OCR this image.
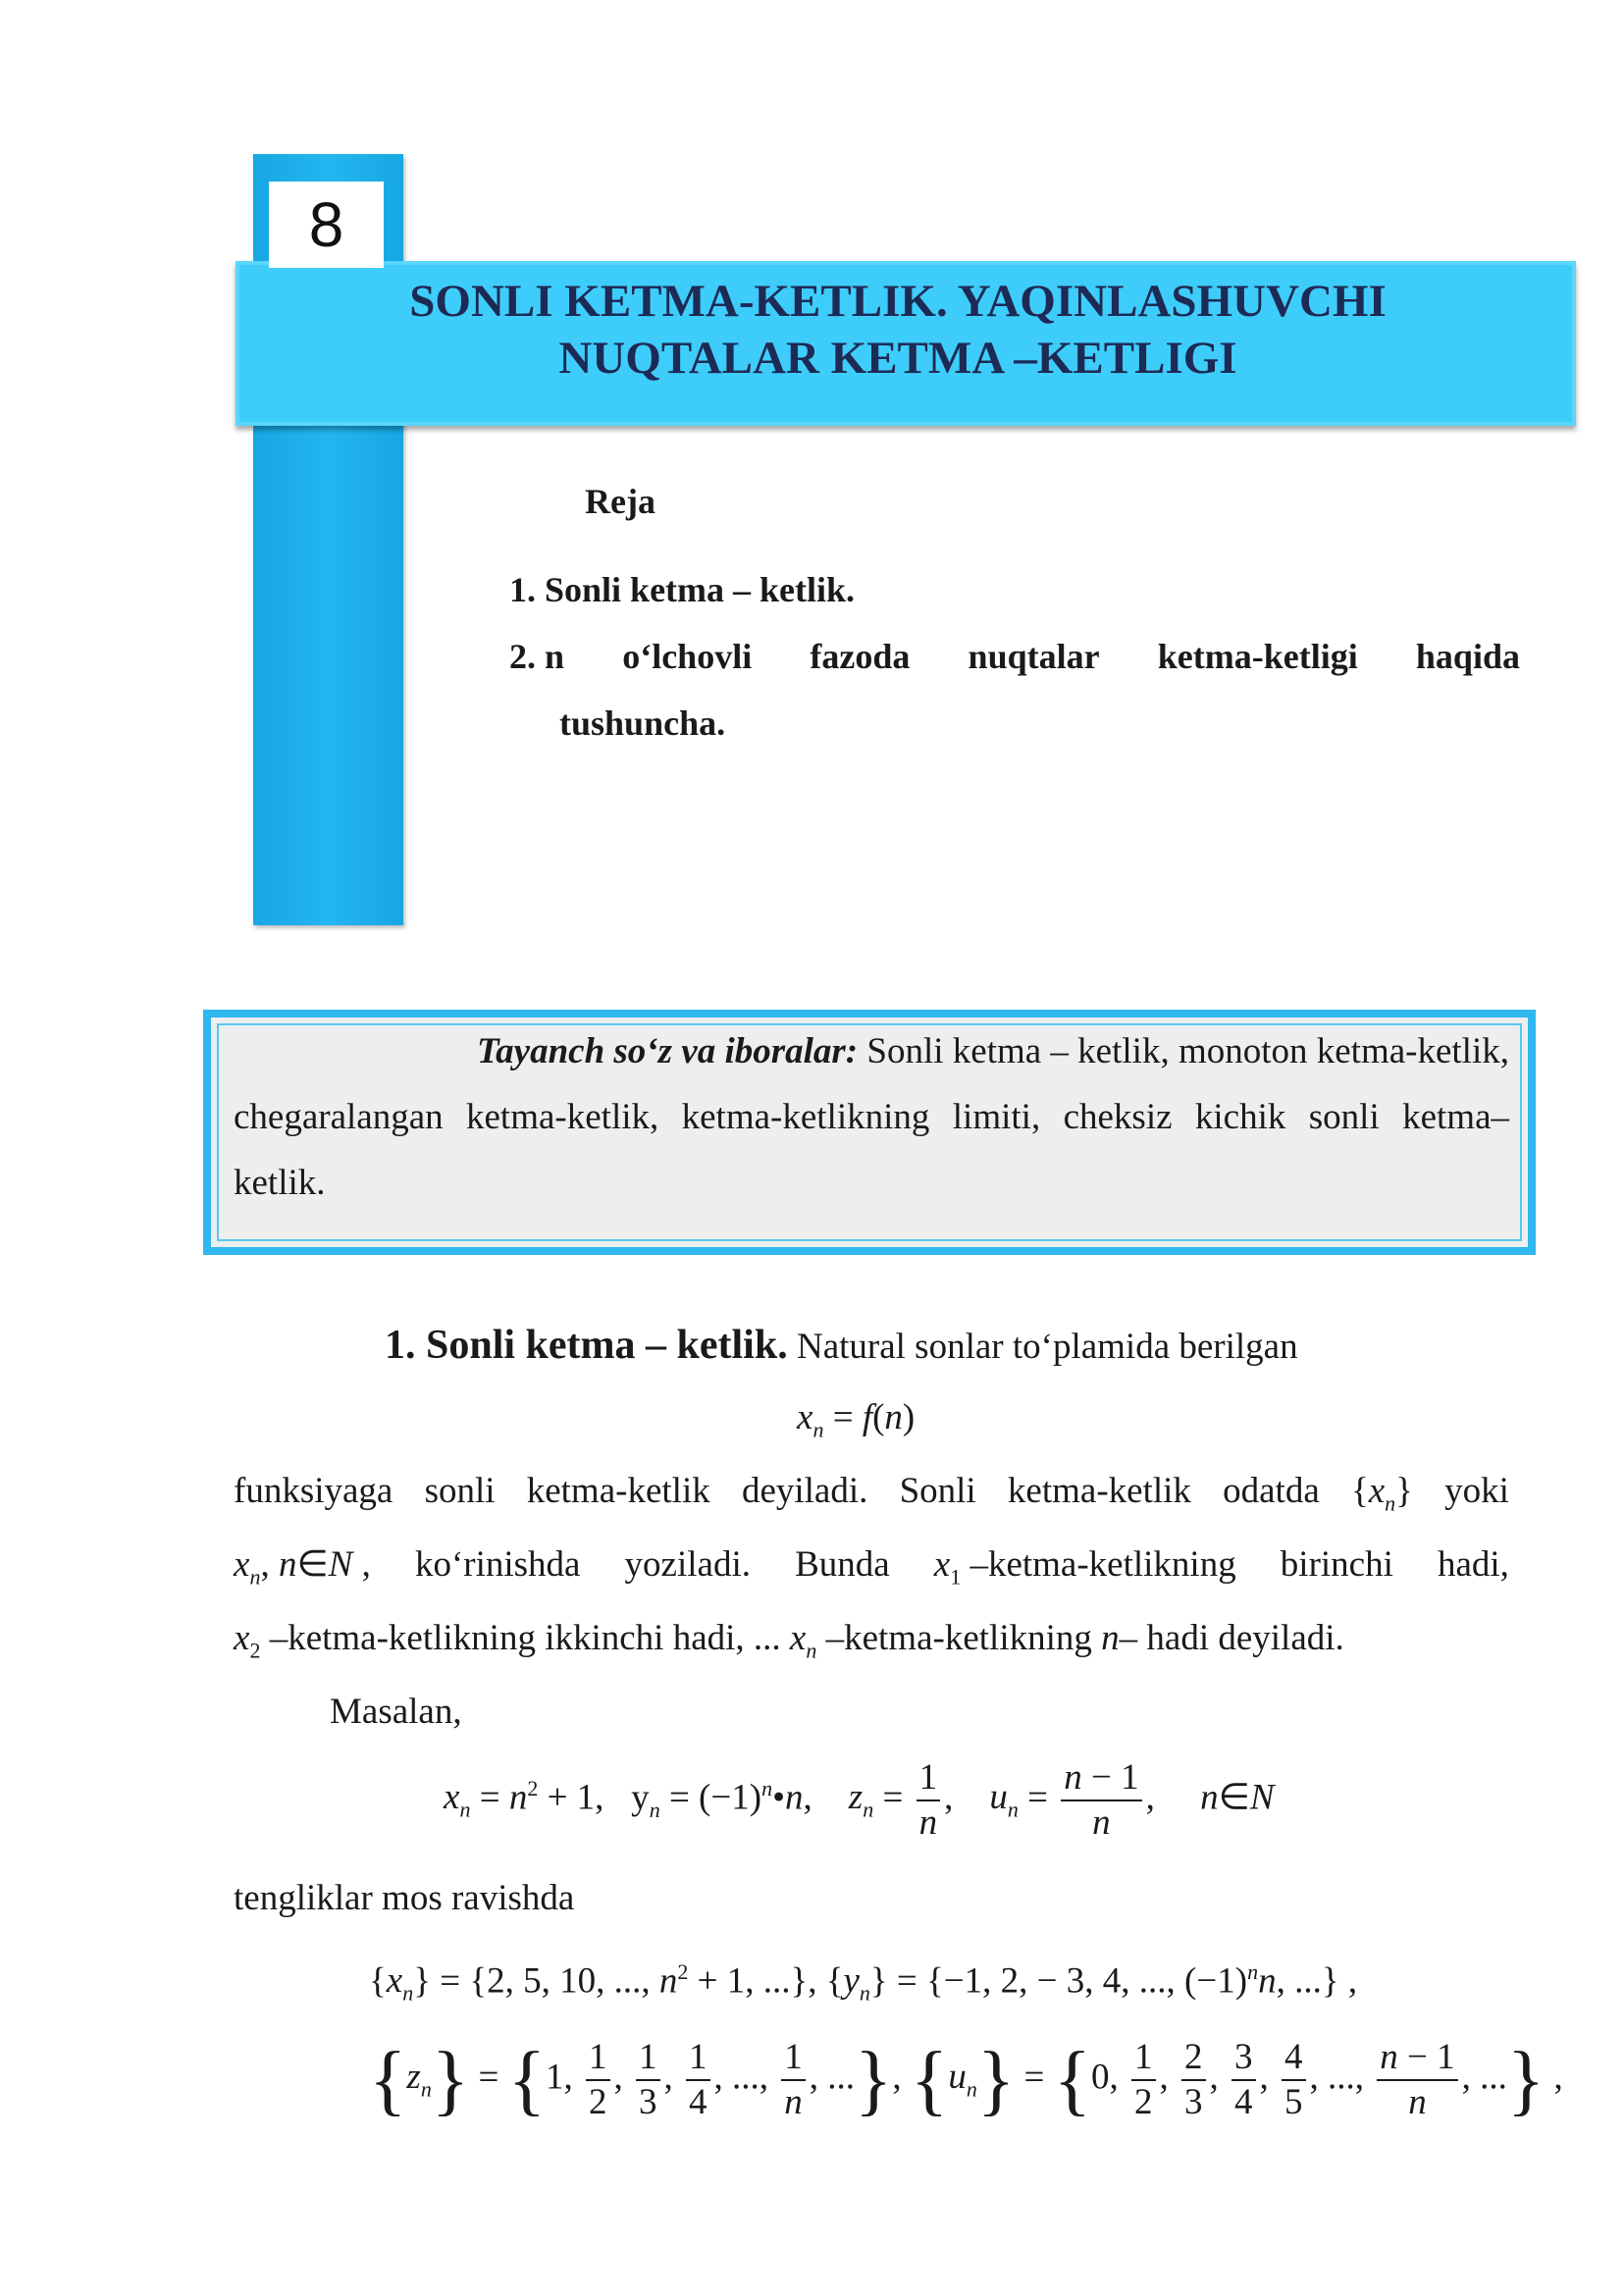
8
SONLI KETMA-KETLIK. YAQINLASHUVCHI
NUQTALAR KETMA –KETLIGI
Reja
1. Sonli ketma – ketlik.
2. n o‘lchovli fazoda nuqtalar ketma-ketligi haqida
tushuncha.
Tayanch so‘z va iboralar: Sonli ketma – ketlik, monoton ketma-ketlik,
chegaralangan ketma-ketlik, ketma-ketlikning limiti, cheksiz kichik sonli ketma–
ketlik.
1. Sonli ketma – ketlik. Natural sonlar to‘plamida berilgan
$x_n = f(n)$
funksiyaga sonli ketma-ketlik deyiladi. Sonli ketma-ketlik odatda $\{x_n\}$ yoki
$x_n$, n∈N , ko‘rinishda yoziladi. Bunda $x_1$ –ketma-ketlikning birinchi hadi,
$x_2$ –ketma-ketlikning ikkinchi hadi, ... $x_n$ –ketma-ketlikning n– hadi deyiladi.
Masalan,
$x_n = n^2 + 1$,   $y_n$ = $(-1)^n•n$,    $z_n = \frac{1}{n}$ ,    $u_n = \frac{n - 1}{n}$ ,     n∈N
tengliklar mos ravishda
$\{x_n\} = \{2$, 5, 10, ..., $n^2 + 1$, ...}, $\{y_n\} = \{-1$, 2, − 3, 4, ..., $(-1)^nn$, ...} ,
$\{z_n\} = \{1$, $\frac{1}{2}$ , $\frac{1}{3}$ , $\frac{1}{4}$ , ..., $\frac{1}{n}$ , ...}, $\{u_n\} = \{0$, $\frac{1}{2}$ , $\frac{2}{3}$ , $\frac{3}{4}$ , $\frac{4}{5}$ , ..., $\frac{n - 1}{n}$ , ...} ,
